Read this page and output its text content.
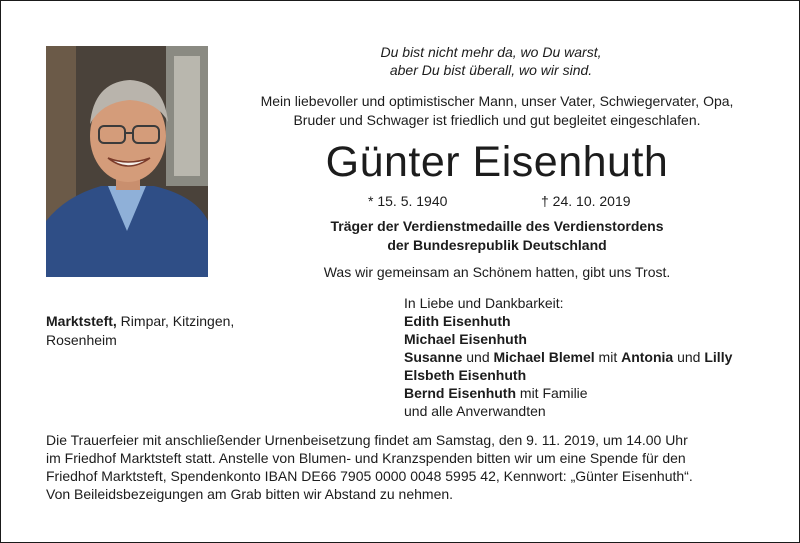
Du bist nicht mehr da, wo Du warst,
aber Du bist überall, wo wir sind.
Mein liebevoller und optimistischer Mann, unser Vater, Schwiegervater, Opa,
Bruder und Schwager ist friedlich und gut begleitet eingeschlafen.
Günter Eisenhuth
* 15. 5. 1940	† 24. 10. 2019
Träger der Verdienstmedaille des Verdienstordens
der Bundesrepublik Deutschland
Was wir gemeinsam an Schönem hatten, gibt uns Trost.
Marktsteft, Rimpar, Kitzingen,
Rosenheim
In Liebe und Dankbarkeit:
Edith Eisenhuth
Michael Eisenhuth
Susanne und Michael Blemel mit Antonia und Lilly
Elsbeth Eisenhuth
Bernd Eisenhuth mit Familie
und alle Anverwandten
Die Trauerfeier mit anschließender Urnenbeisetzung findet am Samstag, den 9. 11. 2019, um 14.00 Uhr
im Friedhof Marktsteft statt. Anstelle von Blumen- und Kranzspenden bitten wir um eine Spende für den
Friedhof Marktsteft, Spendenkonto IBAN DE66 7905 0000 0048 5995 42, Kennwort: „Günter Eisenhuth“.
Von Beileidsbezeigungen am Grab bitten wir Abstand zu nehmen.
